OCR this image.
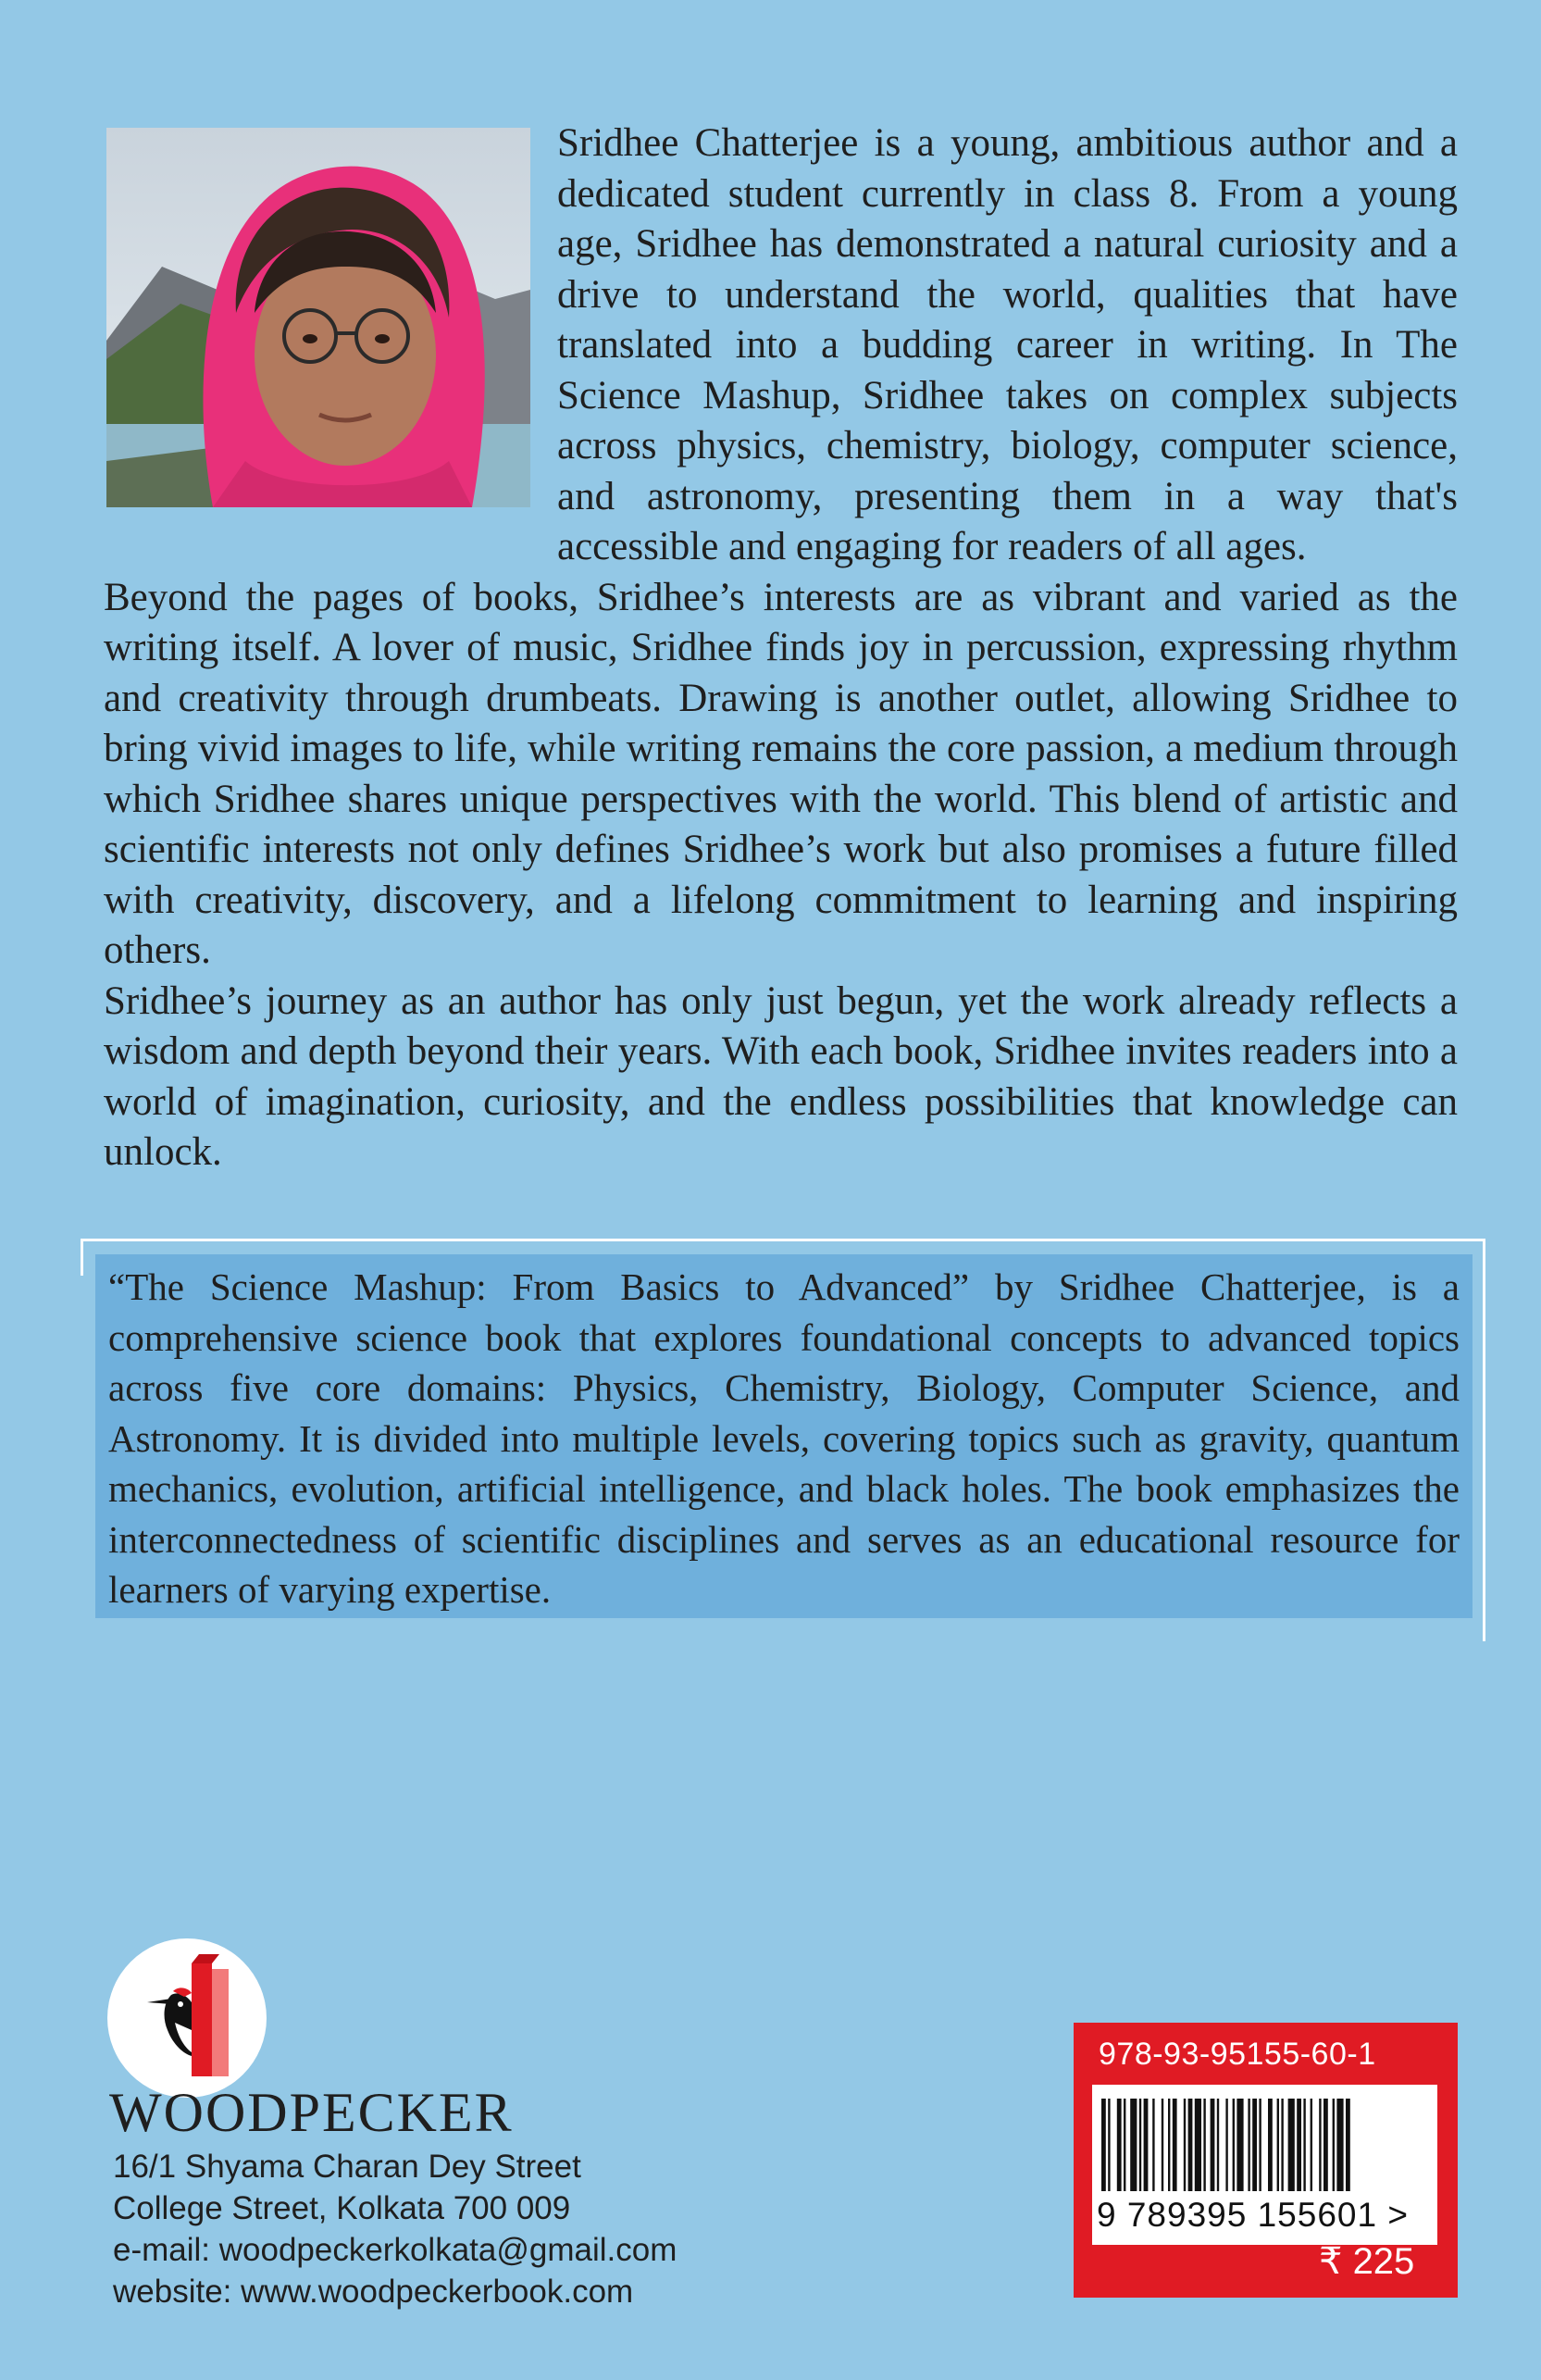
Sridhee Chatterjee is a young, ambitious author and a dedicated student currently in class 8. From a young age, Sridhee has demonstrated a natural curiosity and a drive to understand the world, qualities that have translated into a budding career in writing. In The Science Mashup, Sridhee takes on complex subjects across physics, chemistry, biology, computer science, and astronomy, presenting them in a way that's accessible and engaging for readers of all ages.

Beyond the pages of books, Sridhee’s interests are as vibrant and varied as the writing itself. A lover of music, Sridhee finds joy in percussion, expressing rhythm and creativity through drumbeats. Drawing is another outlet, allowing Sridhee to bring vivid images to life, while writing remains the core passion, a medium through which Sridhee shares unique perspectives with the world. This blend of artistic and scientific interests not only defines Sridhee’s work but also promises a future filled with creativity, discovery, and a lifelong commitment to learning and inspiring others.

Sridhee’s journey as an author has only just begun, yet the work already reflects a wisdom and depth beyond their years. With each book, Sridhee invites readers into a world of imagination, curiosity, and the endless possibilities that knowledge can unlock.

“The Science Mashup: From Basics to Advanced” by Sridhee Chatterjee, is a comprehensive science book that explores foundational concepts to advanced topics across five core domains: Physics, Chemistry, Biology, Computer Science, and Astronomy. It is divided into multiple levels, covering topics such as gravity, quantum mechanics, evolution, artificial intelligence, and black holes. The book emphasizes the interconnectedness of scientific disciplines and serves as an educational resource for learners of varying expertise.
WOODPECKER
16/1 Shyama Charan Dey Street
College Street, Kolkata 700 009
e-mail: woodpeckerkolkata@gmail.com
website: www.woodpeckerbook.com
978-93-95155-60-1
9 789395 155601 >
₹ 225
